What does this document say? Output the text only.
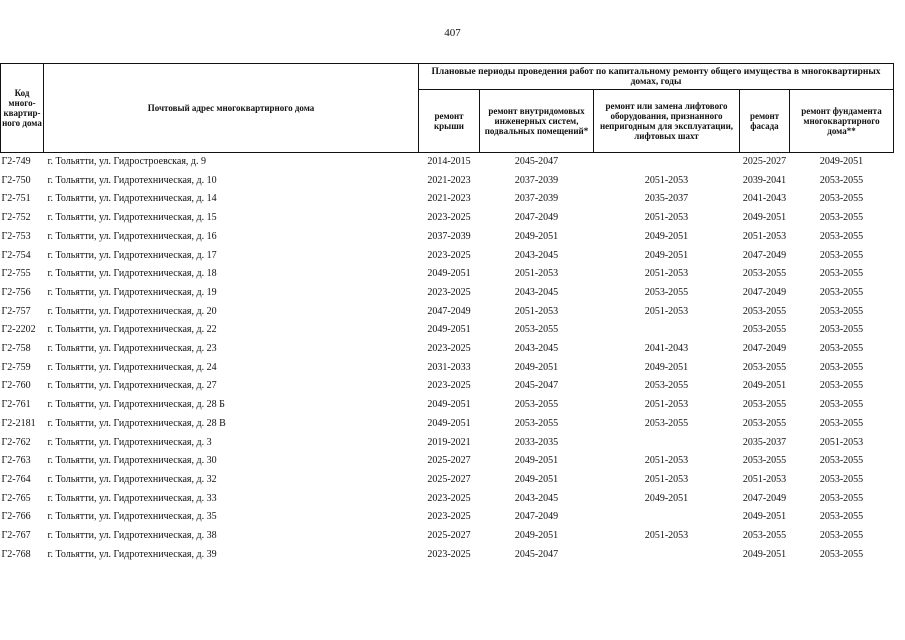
407
Код много-квартир-ного дома	Почтовый адрес многоквартирного дома	Плановые периоды проведения работ по капитальному ремонту общего имущества в многоквартирных домах, годы				
		ремонт крыши	ремонт внутридомовых инженерных систем, подвальных помещений*	ремонт или замена лифтового оборудования, признанного непригодным для эксплуатации, лифтовых шахт	ремонт фасада	ремонт фундамента многоквартирного дома**
Г2-749	г. Тольятти, ул. Гидростроевская, д. 9	2014-2015	2045-2047		2025-2027	2049-2051
Г2-750	г. Тольятти, ул. Гидротехническая, д. 10	2021-2023	2037-2039	2051-2053	2039-2041	2053-2055
Г2-751	г. Тольятти, ул. Гидротехническая, д. 14	2021-2023	2037-2039	2035-2037	2041-2043	2053-2055
Г2-752	г. Тольятти, ул. Гидротехническая, д. 15	2023-2025	2047-2049	2051-2053	2049-2051	2053-2055
Г2-753	г. Тольятти, ул. Гидротехническая, д. 16	2037-2039	2049-2051	2049-2051	2051-2053	2053-2055
Г2-754	г. Тольятти, ул. Гидротехническая, д. 17	2023-2025	2043-2045	2049-2051	2047-2049	2053-2055
Г2-755	г. Тольятти, ул. Гидротехническая, д. 18	2049-2051	2051-2053	2051-2053	2053-2055	2053-2055
Г2-756	г. Тольятти, ул. Гидротехническая, д. 19	2023-2025	2043-2045	2053-2055	2047-2049	2053-2055
Г2-757	г. Тольятти, ул. Гидротехническая, д. 20	2047-2049	2051-2053	2051-2053	2053-2055	2053-2055
Г2-2202	г. Тольятти, ул. Гидротехническая, д. 22	2049-2051	2053-2055		2053-2055	2053-2055
Г2-758	г. Тольятти, ул. Гидротехническая, д. 23	2023-2025	2043-2045	2041-2043	2047-2049	2053-2055
Г2-759	г. Тольятти, ул. Гидротехническая, д. 24	2031-2033	2049-2051	2049-2051	2053-2055	2053-2055
Г2-760	г. Тольятти, ул. Гидротехническая, д. 27	2023-2025	2045-2047	2053-2055	2049-2051	2053-2055
Г2-761	г. Тольятти, ул. Гидротехническая, д. 28 Б	2049-2051	2053-2055	2051-2053	2053-2055	2053-2055
Г2-2181	г. Тольятти, ул. Гидротехническая, д. 28 В	2049-2051	2053-2055	2053-2055	2053-2055	2053-2055
Г2-762	г. Тольятти, ул. Гидротехническая, д. 3	2019-2021	2033-2035		2035-2037	2051-2053
Г2-763	г. Тольятти, ул. Гидротехническая, д. 30	2025-2027	2049-2051	2051-2053	2053-2055	2053-2055
Г2-764	г. Тольятти, ул. Гидротехническая, д. 32	2025-2027	2049-2051	2051-2053	2051-2053	2053-2055
Г2-765	г. Тольятти, ул. Гидротехническая, д. 33	2023-2025	2043-2045	2049-2051	2047-2049	2053-2055
Г2-766	г. Тольятти, ул. Гидротехническая, д. 35	2023-2025	2047-2049		2049-2051	2053-2055
Г2-767	г. Тольятти, ул. Гидротехническая, д. 38	2025-2027	2049-2051	2051-2053	2053-2055	2053-2055
Г2-768	г. Тольятти, ул. Гидротехническая, д. 39	2023-2025	2045-2047		2049-2051	2053-2055
